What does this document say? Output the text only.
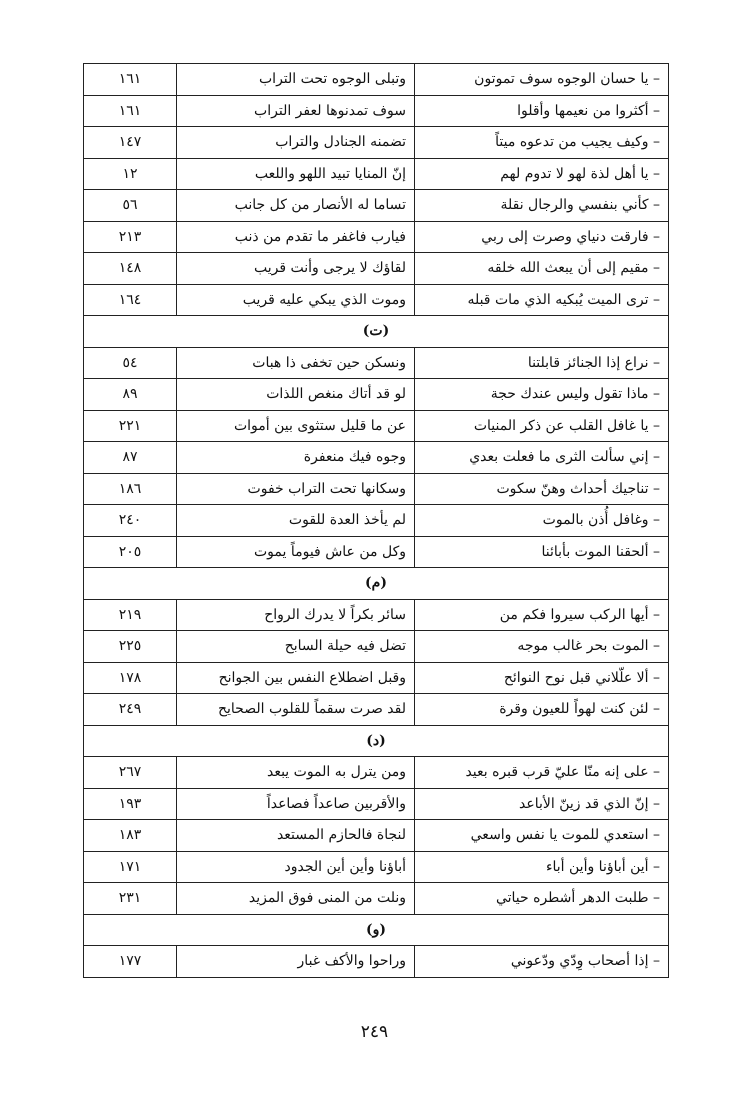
– يا حسان الوجوه سوف تموتون	وتبلى الوجوه تحت التراب	١٦١
– أكثروا من نعيمها وأقلوا	سوف تمدنوها لعفر التراب	١٦١
– وكيف يجيب من تدعوه ميتاً	تضمنه الجنادل والتراب	١٤٧
– يا أهل لذة لهو لا تدوم لهم	إنّ المنايا تبيد اللهو واللعب	١٢
– كأني بنفسي والرجال نقلة	تساما له الأنصار من كل جانب	٥٦
– فارقت دنياي وصرت إلى ربي	فيارب فاغفر ما تقدم من ذنب	٢١٣
– مقيم إلى أن يبعث الله خلقه	لقاؤك لا يرجى وأنت قريب	١٤٨
– ترى الميت يُبكيه الذي مات قبله	وموت الذي يبكي عليه قريب	١٦٤
(ت)		
– نراع إذا الجنائز قابلتنا	ونسكن حين تخفى ذا هبات	٥٤
– ماذا تقول وليس عندك حجة	لو قد أتاك منغص اللذات	٨٩
– يا غافل القلب عن ذكر المنيات	عن ما قليل ستثوى بين أموات	٢٢١
– إني سألت الثرى ما فعلت بعدي	وجوه فيك منعفرة	٨٧
– تناجيك أحداث وهنّ سكوت	وسكانها تحت التراب خفوت	١٨٦
– وغافل أُذن بالموت	لم يأخذ العدة للقوت	٢٤٠
– ألحقنا الموت بأبائنا	وكل من عاش فيوماً يموت	٢٠٥
(م)		
– أيها الركب سيروا فكم من	سائر بكراً لا يدرك الرواح	٢١٩
– الموت بحر غالب موجه	تضل فيه حيلة السابح	٢٢٥
– ألا علّلاني قبل نوح النوائح	وقبل اضطلاع النفس بين الجوانح	١٧٨
– لئن كنت لهواً للعيون وقرة	لقد صرت سقماً للقلوب الصحايح	٢٤٩
(د)		
– على إنه منّا عليّ قرب قبره بعيد	ومن يترل به الموت يبعد	٢٦٧
– إنّ الذي قد زينّ الأباعد	والأقربين صاعداً فصاعداً	١٩٣
– استعدي للموت يا نفس واسعي	لنجاة فالحازم المستعد	١٨٣
– أين أباؤنا وأين أباء	أباؤنا وأين أين الجدود	١٧١
– طلبت الدهر أشطره حياتي	ونلت من المنى فوق المزيد	٢٣١
(و)		
– إذا أصحاب وِدّي ودّعوني	وراحوا والأكف غبار	١٧٧
٢٤٩
